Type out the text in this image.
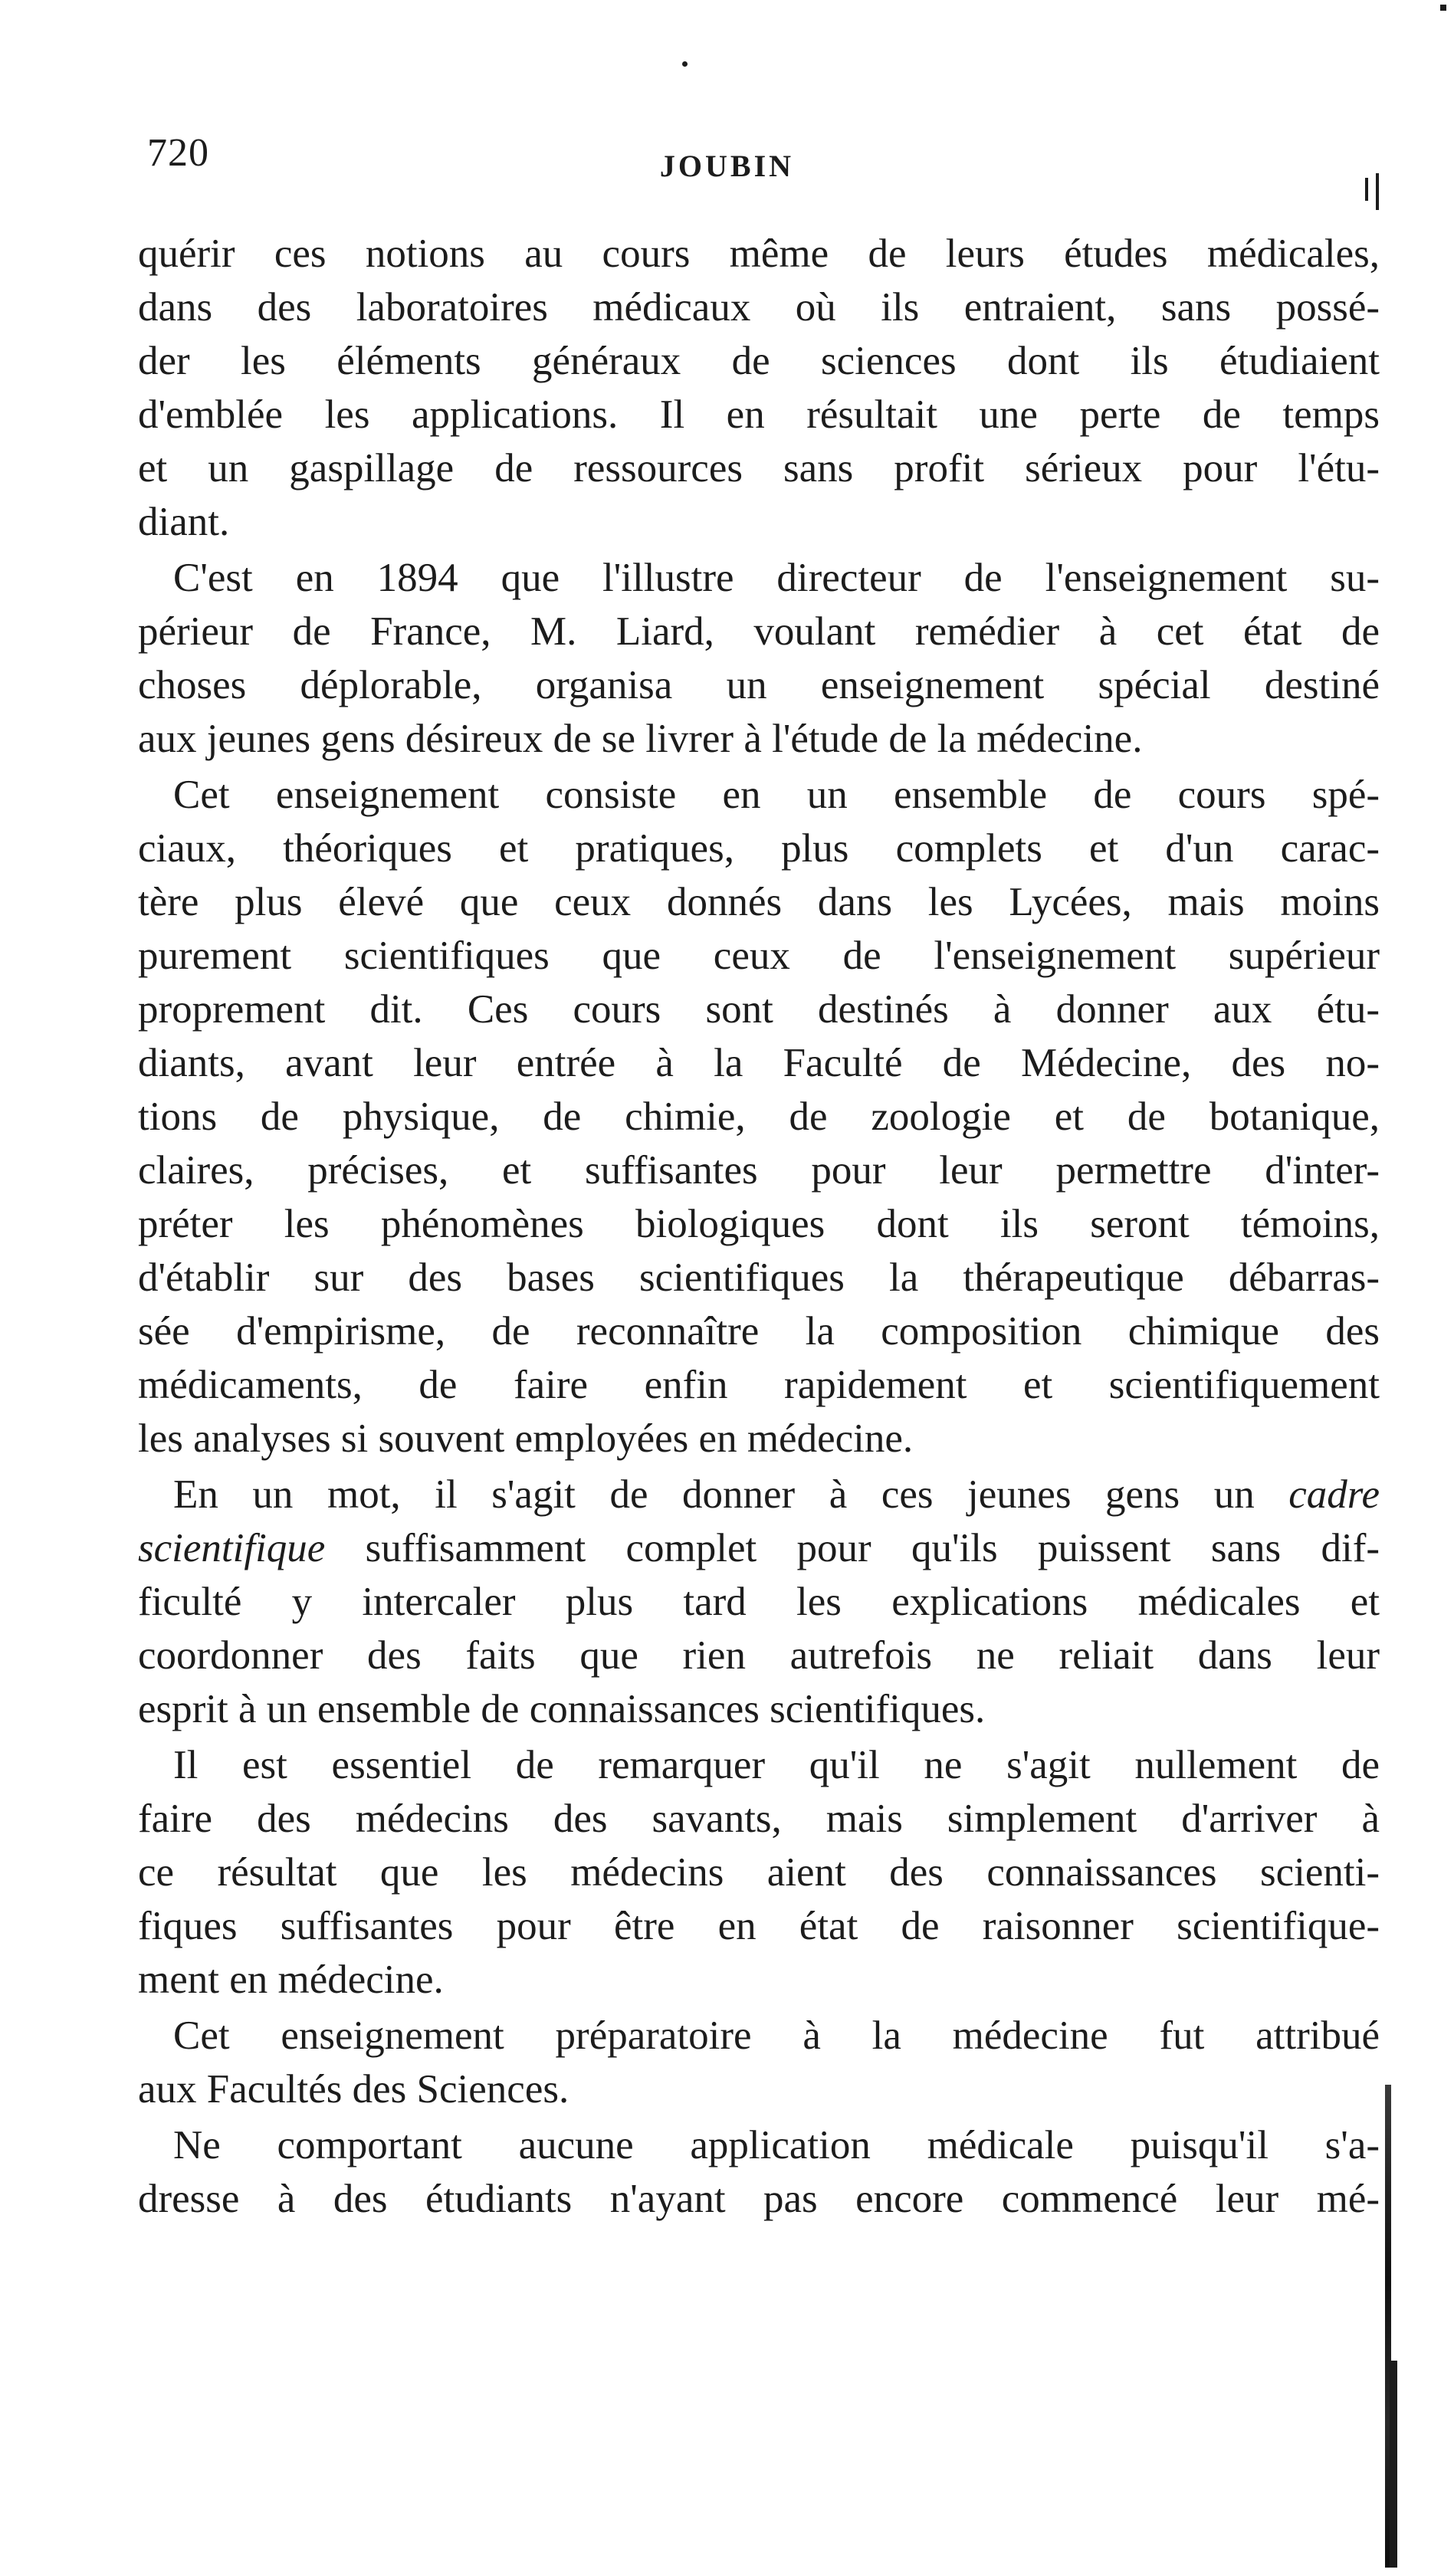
720	JOUBIN
quérir ces notions au cours même de leurs études médicales,
dans des laboratoires médicaux où ils entraient, sans possé-
der les éléments généraux de sciences dont ils étudiaient
d'emblée les applications. Il en résultait une perte de temps
et un gaspillage de ressources sans profit sérieux pour l'étu-
diant.
C'est en 1894 que l'illustre directeur de l'enseignement su-
périeur de France, M. Liard, voulant remédier à cet état de
choses déplorable, organisa un enseignement spécial destiné
aux jeunes gens désireux de se livrer à l'étude de la médecine.
Cet enseignement consiste en un ensemble de cours spé-
ciaux, théoriques et pratiques, plus complets et d'un carac-
tère plus élevé que ceux donnés dans les Lycées, mais moins
purement scientifiques que ceux de l'enseignement supérieur
proprement dit. Ces cours sont destinés à donner aux étu-
diants, avant leur entrée à la Faculté de Médecine, des no-
tions de physique, de chimie, de zoologie et de botanique,
claires, précises, et suffisantes pour leur permettre d'inter-
préter les phénomènes biologiques dont ils seront témoins,
d'établir sur des bases scientifiques la thérapeutique débarras-
sée d'empirisme, de reconnaître la composition chimique des
médicaments, de faire enfin rapidement et scientifiquement
les analyses si souvent employées en médecine.
En un mot, il s'agit de donner à ces jeunes gens un cadre
scientifique suffisamment complet pour qu'ils puissent sans dif-
ficulté y intercaler plus tard les explications médicales et
coordonner des faits que rien autrefois ne reliait dans leur
esprit à un ensemble de connaissances scientifiques.
Il est essentiel de remarquer qu'il ne s'agit nullement de
faire des médecins des savants, mais simplement d'arriver à
ce résultat que les médecins aient des connaissances scienti-
fiques suffisantes pour être en état de raisonner scientifique-
ment en médecine.
Cet enseignement préparatoire à la médecine fut attribué
aux Facultés des Sciences.
Ne comportant aucune application médicale puisqu'il s'a-
dresse à des étudiants n'ayant pas encore commencé leur mé-
